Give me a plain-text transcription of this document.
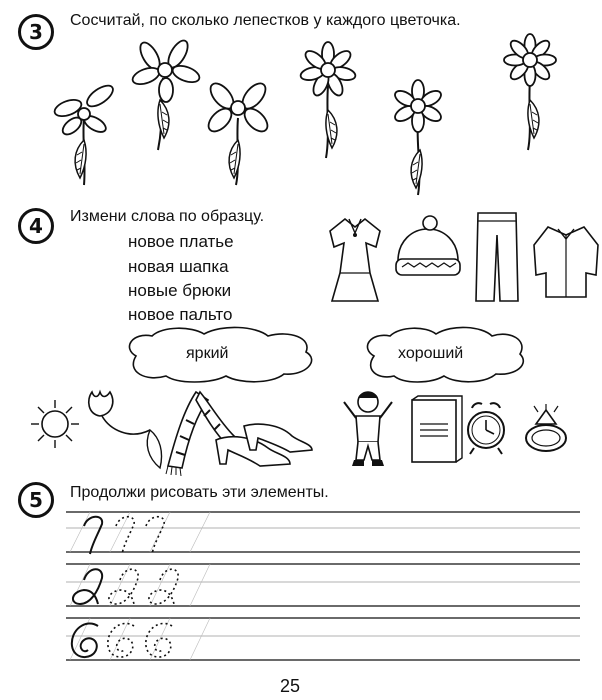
3 Сосчитай, по сколько лепестков у каждого цветочка.
4 Измени слова по образцу.
новое платье
новая шапка
новые брюки
новое пальто
яркий	хороший
5 Продолжи рисовать эти элементы.
25
